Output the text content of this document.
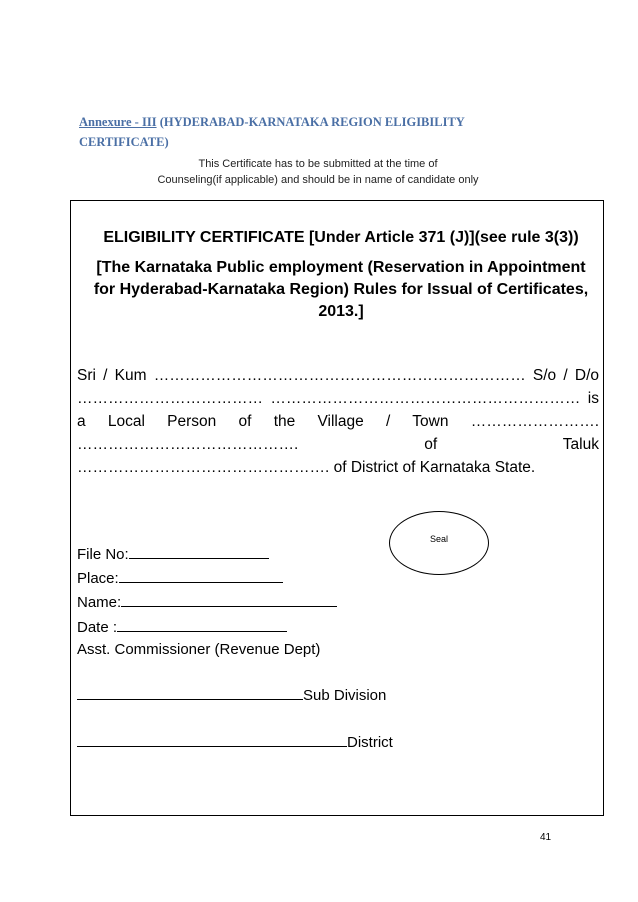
Annexure - III (HYDERABAD-KARNATAKA REGION ELIGIBILITY CERTIFICATE)
This Certificate has to be submitted at the time of
Counseling(if applicable) and should be in name of candidate only
ELIGIBILITY CERTIFICATE [Under Article 371 (J)](see rule 3(3))
[The Karnataka Public employment (Reservation in Appointment for Hyderabad-Karnataka Region) Rules for Issual of Certificates, 2013.]
Sri / Kum ……………………………………………………………… S/o / D/o ……………………………… …………………………………………………… is a Local Person of the Village / Town ……………………. ……………………………………. of Taluk …………………………………………. of District of Karnataka State.
Seal
File No:
Place:
Name:
Date :
Asst. Commissioner (Revenue Dept)
Sub Division
District
41
